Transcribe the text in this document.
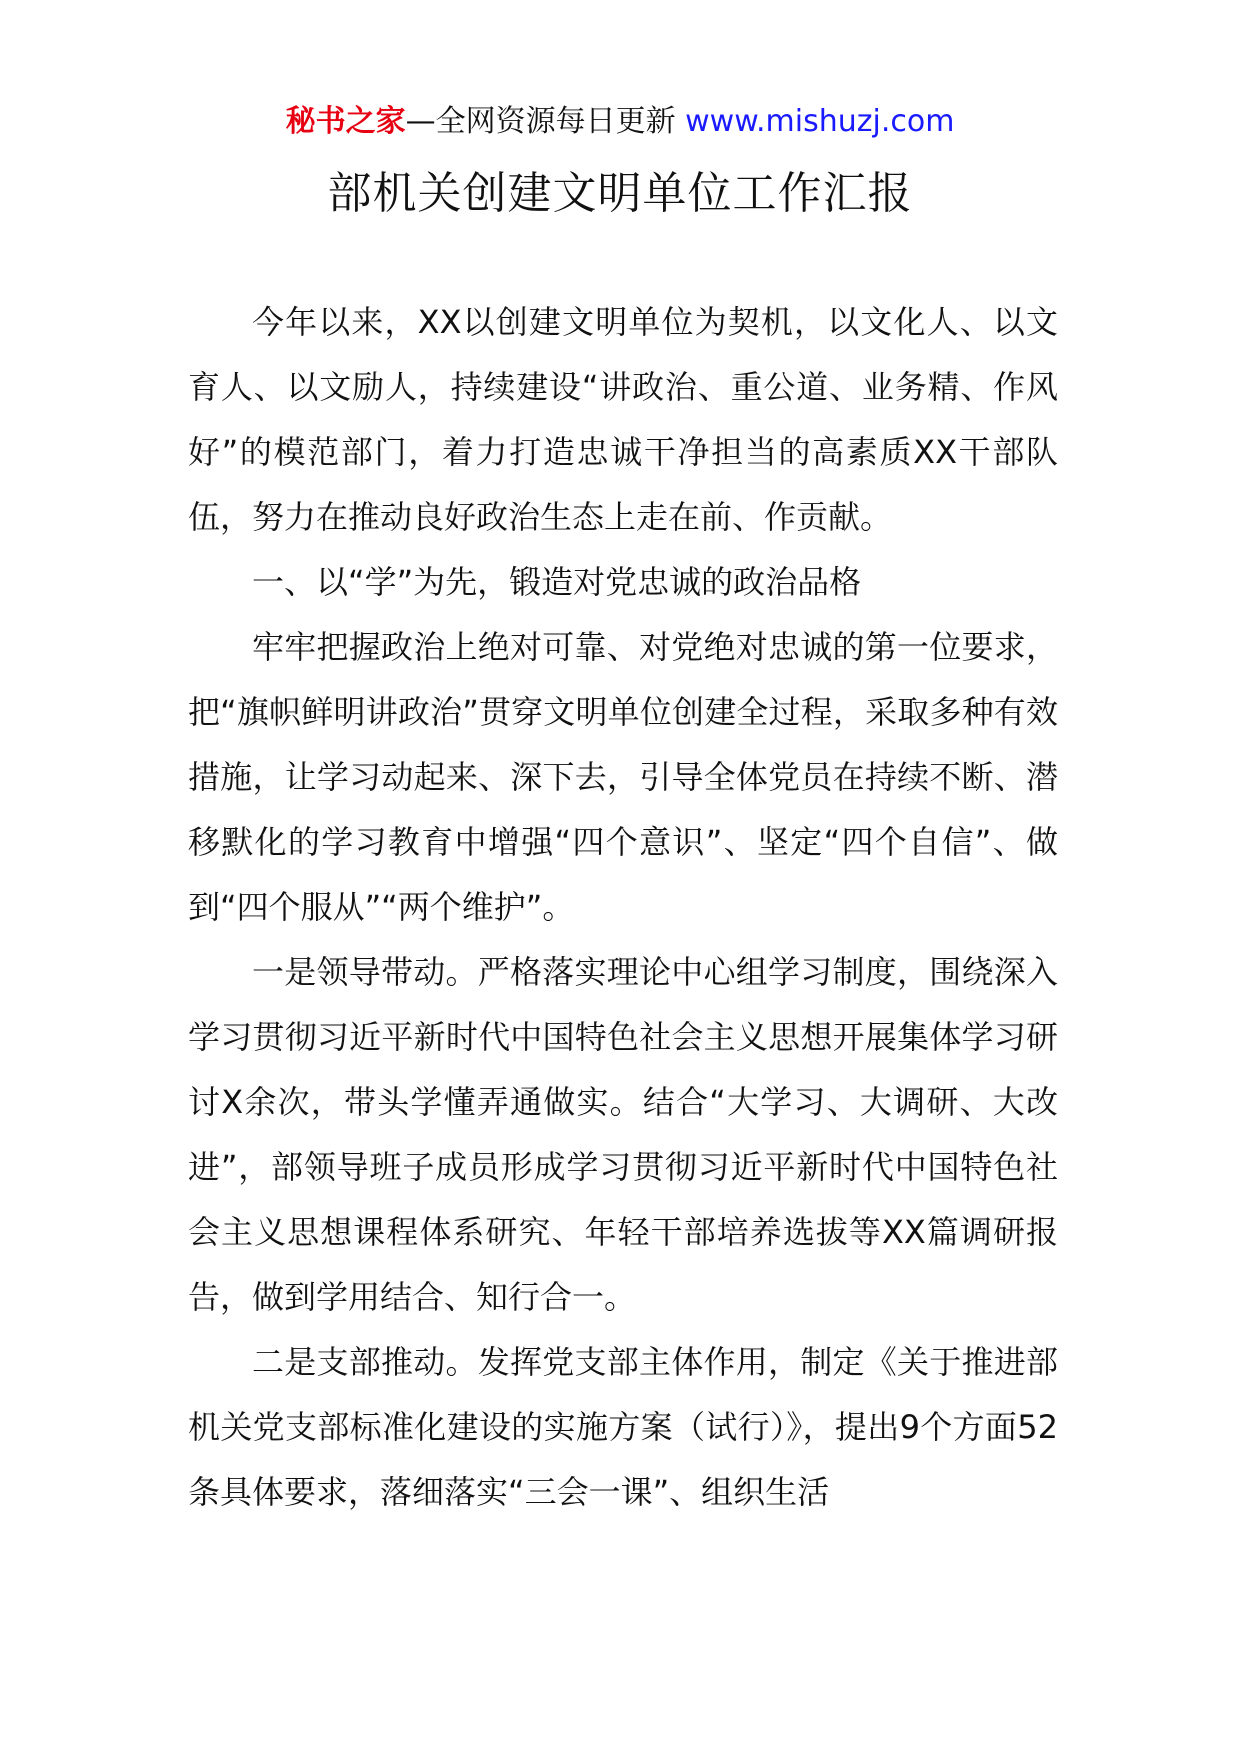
秘书之家—全网资源每日更新 www.mishuzj.com
部机关创建文明单位工作汇报

今年以来，XX以创建文明单位为契机，以文化人、以文育人、以文励人，持续建设“讲政治、重公道、业务精、作风好”的模范部门，着力打造忠诚干净担当的高素质XX干部队伍，努力在推动良好政治生态上走在前、作贡献。

一、以“学”为先，锻造对党忠诚的政治品格

牢牢把握政治上绝对可靠、对党绝对忠诚的第一位要求，把“旗帜鲜明讲政治”贯穿文明单位创建全过程，采取多种有效措施，让学习动起来、深下去，引导全体党员在持续不断、潜移默化的学习教育中增强“四个意识”、坚定“四个自信”、做到“四个服从”“两个维护”。

一是领导带动。严格落实理论中心组学习制度，围绕深入学习贯彻习近平新时代中国特色社会主义思想开展集体学习研讨X余次，带头学懂弄通做实。结合“大学习、大调研、大改进”，部领导班子成员形成学习贯彻习近平新时代中国特色社会主义思想课程体系研究、年轻干部培养选拔等XX篇调研报告，做到学用结合、知行合一。

二是支部推动。发挥党支部主体作用，制定《关于推进部机关党支部标准化建设的实施方案（试行）》，提出9个方面52条具体要求，落细落实“三会一课”、组织生活
